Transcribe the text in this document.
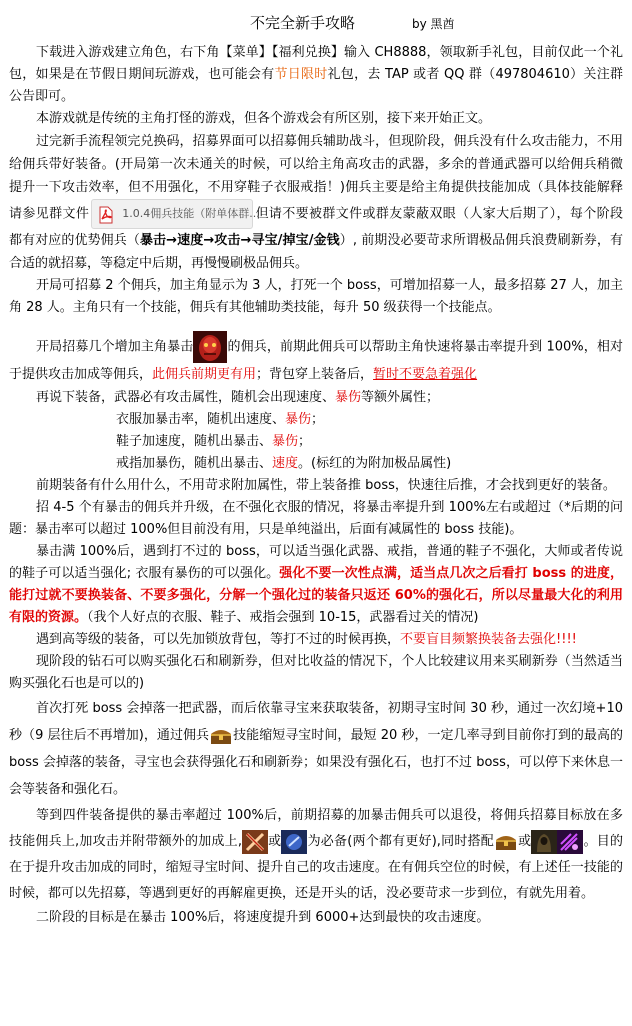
不完全新手攻略	by 黑酋

下载进入游戏建立角色，右下角【菜单】【福利兑换】输入 CH8888，领取新手礼包，目前仅此一个礼包，如果是在节假日期间玩游戏，也可能会有节日限时礼包，去 TAP 或者 QQ 群（497804610）关注群公告即可。

本游戏就是传统的主角打怪的游戏，但各个游戏会有所区别，接下来开始正文。

过完新手流程领完兑换码，招募界面可以招募佣兵辅助战斗，但现阶段，佣兵没有什么攻击能力，不用给佣兵带好装备。(开局第一次未通关的时候，可以给主角高攻击的武器，多余的普通武器可以给佣兵稍微提升一下攻击效率，但不用强化，不用穿鞋子衣服戒指！)佣兵主要是给主角提供技能加成（具体技能解释请参见群文件	1.0.4佣兵技能（附单体群...
但请不要被群文件或群友蒙蔽双眼（人家大后期了），每个阶段都有对应的优势佣兵（暴击→速度→攻击→寻宝/掉宝/金钱）, 前期没必要苛求所谓极品佣兵浪费刷新券，有合适的就招募，等稳定中后期，再慢慢刷极品佣兵。

开局可招募 2 个佣兵，加主角显示为 3 人，打死一个 boss，可增加招募一人，最多招募 27 人，加主角 28 人。主角只有一个技能，佣兵有其他辅助类技能，每升 50 级获得一个技能点。

开局招募几个增加主角暴击	的佣兵，前期此佣兵可以帮助主角快速将暴击率提升到 100%，相对于提供攻击加成等佣兵，此佣兵前期更有用；背包穿上装备后，暂时不要急着强化

再说下装备，武器必有攻击属性，随机会出现速度、暴伤等额外属性；

衣服加暴击率，随机出速度、暴伤；

鞋子加速度，随机出暴击、暴伤；

戒指加暴伤，随机出暴击、速度。(标红的为附加极品属性)

前期装备有什么用什么，不用苛求附加属性，带上装备推 boss，快速往后推，才会找到更好的装备。

招 4-5 个有暴击的佣兵并升级，在不强化衣服的情况，将暴击率提升到 100%左右或超过（*后期的问题：暴击率可以超过 100%但目前没有用，只是单纯溢出，后面有减属性的 boss 技能)。

暴击满 100%后，遇到打不过的 boss，可以适当强化武器、戒指，普通的鞋子不强化，大师或者传说的鞋子可以适当强化; 衣服有暴伤的可以强化。强化不要一次性点满，适当点几次之后看打 boss 的进度，能打过就不要换装备、不要多强化，分解一个强化过的装备只返还 60%的强化石，所以尽量最大化的利用有限的资源。（我个人好点的衣服、鞋子、戒指会强到 10-15，武器看过关的情况)

遇到高等级的装备，可以先加锁放背包，等打不过的时候再换，不要盲目频繁换装备去强化!!!!

现阶段的钻石可以购买强化石和刷新券，但对比收益的情况下，个人比较建议用来买刷新券（当然适当购买强化石也是可以的)

首次打死 boss 会掉落一把武器，而后依靠寻宝来获取装备，初期寻宝时间 30 秒，通过一次幻境+10 秒（9 层往后不再增加)，通过佣兵 技能缩短寻宝时间，最短 20 秒，一定几率寻到目前你打到的最高的 boss 会掉落的装备，寻宝也会获得强化石和刷新券；如果没有强化石，也打不过 boss，可以停下来休息一会等装备和强化石。

等到四件装备提供的暴击率超过 100%后，前期招募的加暴击佣兵可以退役，将佣兵招募目标放在多技能佣兵上,加攻击并附带额外的加成上, 或 为必备(两个都有更好),同时搭配 或	。目的在于提升攻击加成的同时，缩短寻宝时间、提升自己的攻击速度。在有佣兵空位的时候，有上述任一技能的时候，都可以先招募，等遇到更好的再解雇更换，还是开头的话，没必要苛求一步到位，有就先用着。

二阶段的目标是在暴击 100%后，将速度提升到 6000+达到最快的攻击速度。
